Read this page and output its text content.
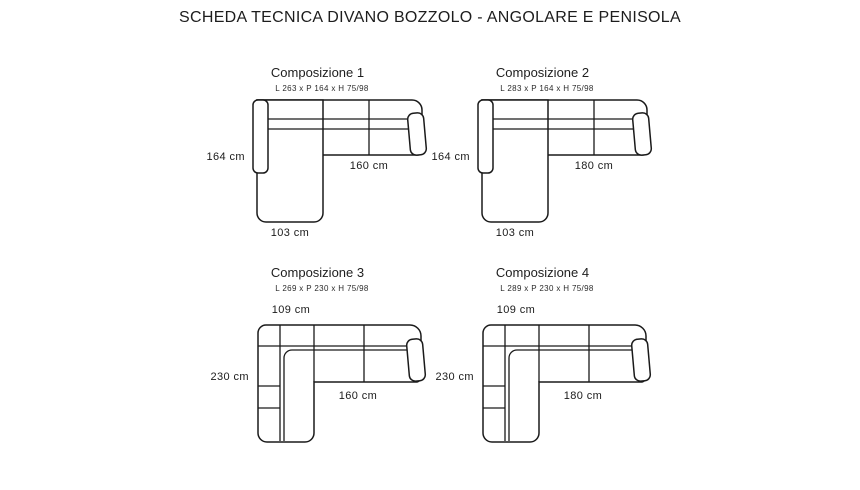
SCHEDA TECNICA DIVANO BOZZOLO - ANGOLARE E PENISOLA
Composizione 1
L 263 x P 164 x H 75/98
164 cm
160 cm
103 cm
Composizione 2
L 283 x P 164 x H 75/98
164 cm
180 cm
103 cm
Composizione 3
L 269 x P 230 x H 75/98
109 cm
230 cm
160 cm
Composizione 4
L 289 x P 230 x H 75/98
109 cm
230 cm
180 cm
